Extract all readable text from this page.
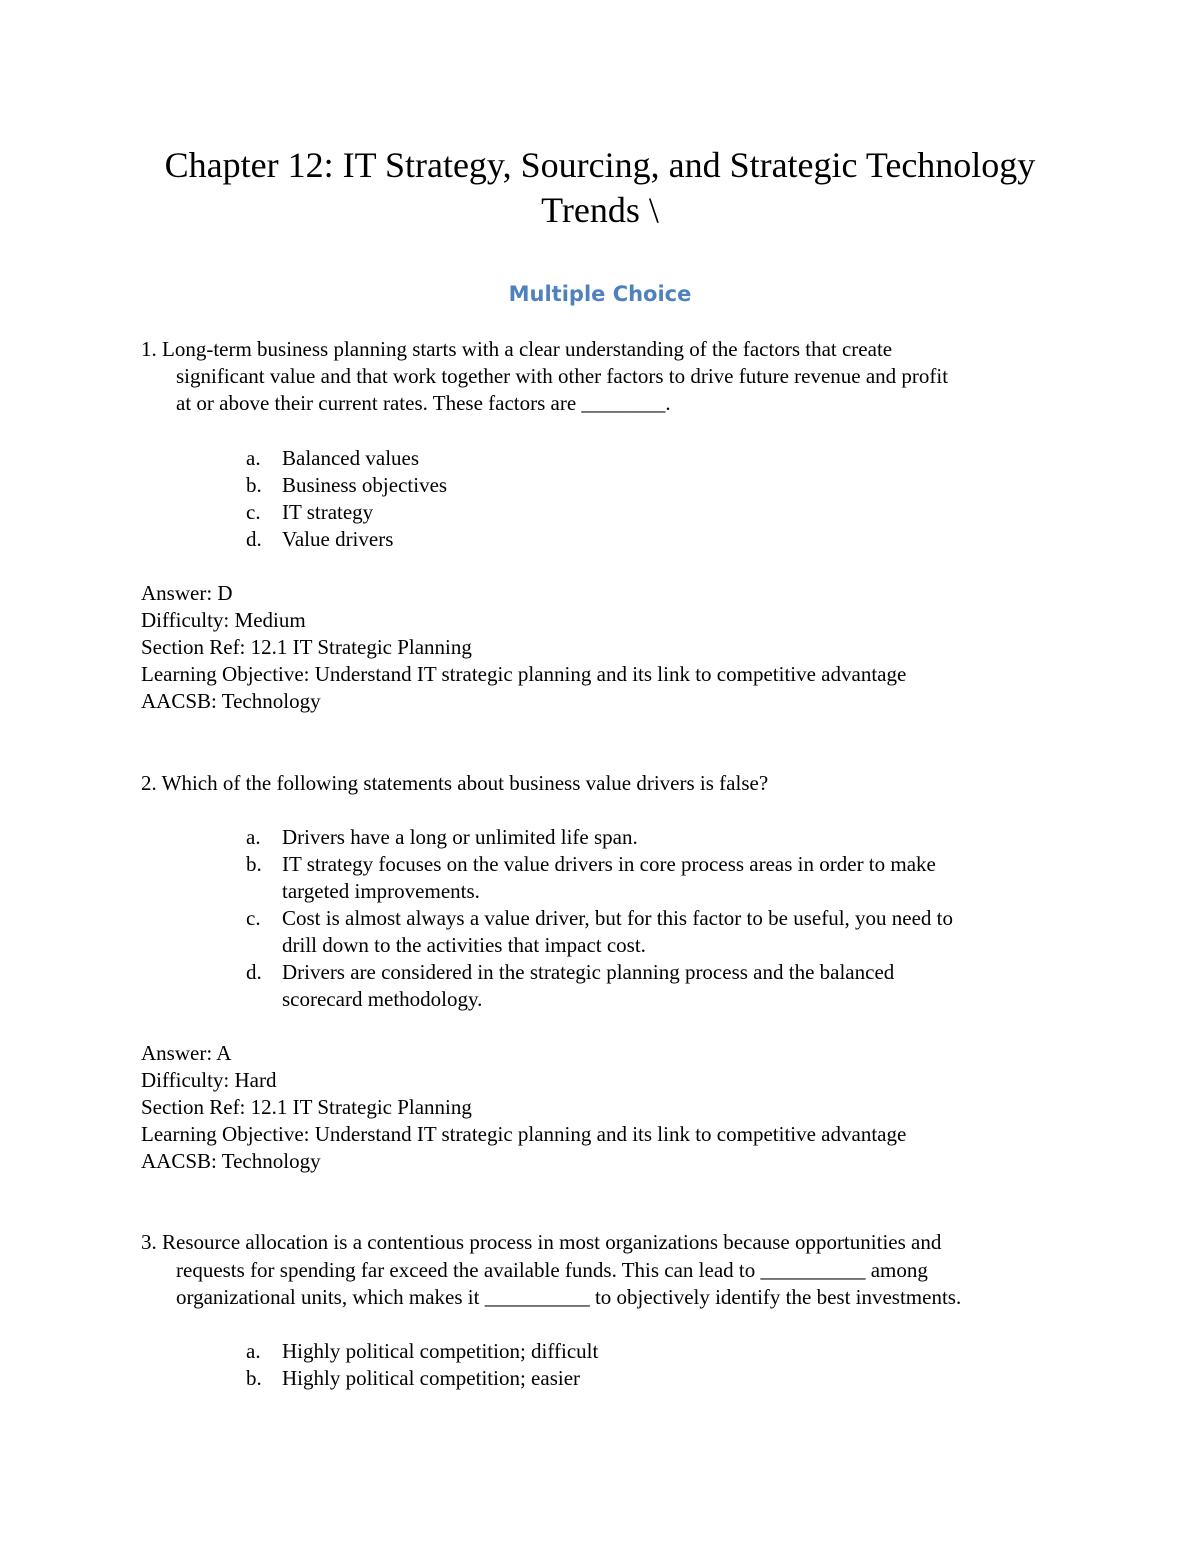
Chapter 12: IT Strategy, Sourcing, and Strategic Technology
Trends \
Multiple Choice
1. Long-term business planning starts with a clear understanding of the factors that create
significant value and that work together with other factors to drive future revenue and profit
at or above their current rates. These factors are ________.
a.	Balanced values
b. Business objectives
c.	IT strategy
d. Value drivers
Answer: D
Difficulty: Medium
Section Ref: 12.1 IT Strategic Planning
Learning Objective: Understand IT strategic planning and its link to competitive advantage
AACSB: Technology
2. Which of the following statements about business value drivers is false?
a.	Drivers have a long or unlimited life span.
b. IT strategy focuses on the value drivers in core process areas in order to make
targeted improvements.
c.	Cost is almost always a value driver, but for this factor to be useful, you need to
drill down to the activities that impact cost.
d. Drivers are considered in the strategic planning process and the balanced
scorecard methodology.
Answer: A
Difficulty: Hard
Section Ref: 12.1 IT Strategic Planning
Learning Objective: Understand IT strategic planning and its link to competitive advantage
AACSB: Technology
3. Resource allocation is a contentious process in most organizations because opportunities and
requests for spending far exceed the available funds. This can lead to __________ among
organizational units, which makes it __________ to objectively identify the best investments.
a.	Highly political competition; difficult
b. Highly political competition; easier
